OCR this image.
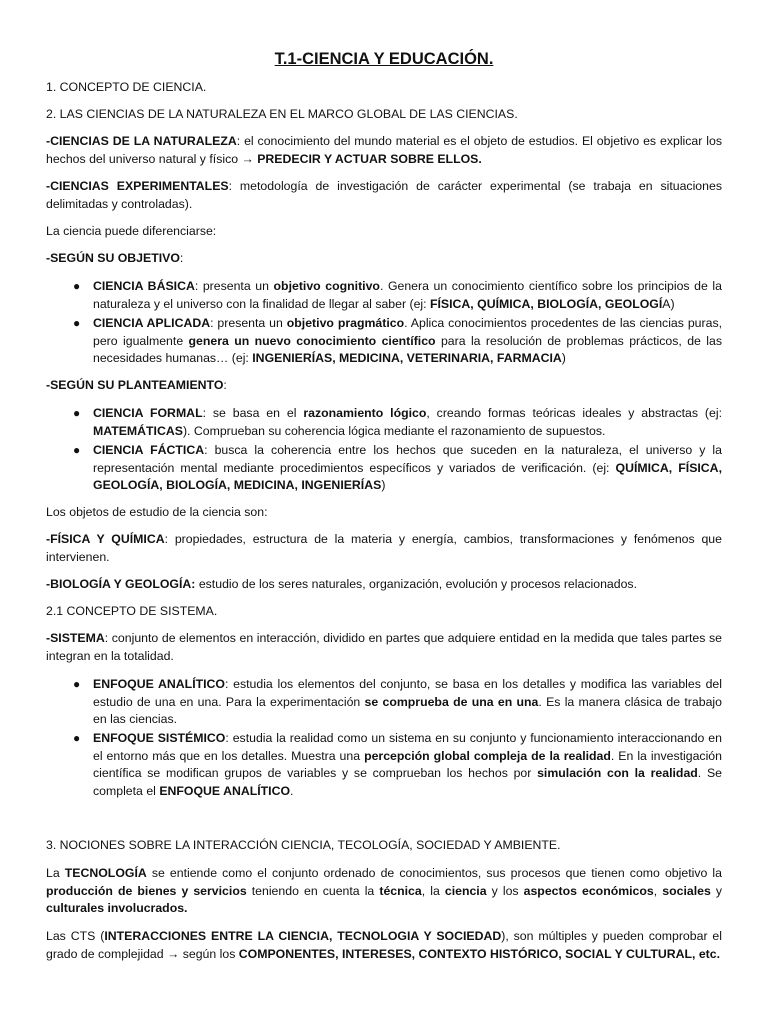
T.1-CIENCIA Y EDUCACIÓN.

1. CONCEPTO DE CIENCIA.

2. LAS CIENCIAS DE LA NATURALEZA EN EL MARCO GLOBAL DE LAS CIENCIAS.

-CIENCIAS DE LA NATURALEZA: el conocimiento del mundo material es el objeto de estudios. El objetivo es explicar los hechos del universo natural y físico → PREDECIR Y ACTUAR SOBRE ELLOS.

-CIENCIAS EXPERIMENTALES: metodología de investigación de carácter experimental (se trabaja en situaciones delimitadas y controladas).

La ciencia puede diferenciarse:

-SEGÚN SU OBJETIVO:

● CIENCIA BÁSICA: presenta un objetivo cognitivo. Genera un conocimiento científico sobre los principios de la naturaleza y el universo con la finalidad de llegar al saber (ej: FÍSICA, QUÍMICA, BIOLOGÍA, GEOLOGÍA)

● CIENCIA APLICADA: presenta un objetivo pragmático. Aplica conocimientos procedentes de las ciencias puras, pero igualmente genera un nuevo conocimiento científico para la resolución de problemas prácticos, de las necesidades humanas… (ej: INGENIERÍAS, MEDICINA, VETERINARIA, FARMACIA)

-SEGÚN SU PLANTEAMIENTO:

● CIENCIA FORMAL: se basa en el razonamiento lógico, creando formas teóricas ideales y abstractas (ej: MATEMÁTICAS). Comprueban su coherencia lógica mediante el razonamiento de supuestos.

● CIENCIA FÁCTICA: busca la coherencia entre los hechos que suceden en la naturaleza, el universo y la representación mental mediante procedimientos específicos y variados de verificación. (ej: QUÍMICA, FÍSICA, GEOLOGÍA, BIOLOGÍA, MEDICINA, INGENIERÍAS)

Los objetos de estudio de la ciencia son:

-FÍSICA Y QUÍMICA: propiedades, estructura de la materia y energía, cambios, transformaciones y fenómenos que intervienen.

-BIOLOGÍA Y GEOLOGÍA: estudio de los seres naturales, organización, evolución y procesos relacionados.

2.1 CONCEPTO DE SISTEMA.

-SISTEMA: conjunto de elementos en interacción, dividido en partes que adquiere entidad en la medida que tales partes se integran en la totalidad.

● ENFOQUE ANALÍTICO: estudia los elementos del conjunto, se basa en los detalles y modifica las variables del estudio de una en una. Para la experimentación se comprueba de una en una. Es la manera clásica de trabajo en las ciencias.

● ENFOQUE SISTÉMICO: estudia la realidad como un sistema en su conjunto y funcionamiento interaccionando en el entorno más que en los detalles. Muestra una percepción global compleja de la realidad. En la investigación científica se modifican grupos de variables y se comprueban los hechos por simulación con la realidad. Se completa el ENFOQUE ANALÍTICO.

3. NOCIONES SOBRE LA INTERACCIÓN CIENCIA, TECOLOGÍA, SOCIEDAD Y AMBIENTE.

La TECNOLOGÍA se entiende como el conjunto ordenado de conocimientos, sus procesos que tienen como objetivo la producción de bienes y servicios teniendo en cuenta la técnica, la ciencia y los aspectos económicos, sociales y culturales involucrados.

Las CTS (INTERACCIONES ENTRE LA CIENCIA, TECNOLOGIA Y SOCIEDAD), son múltiples y pueden comprobar el grado de complejidad → según los COMPONENTES, INTERESES, CONTEXTO HISTÓRICO, SOCIAL Y CULTURAL, etc.
